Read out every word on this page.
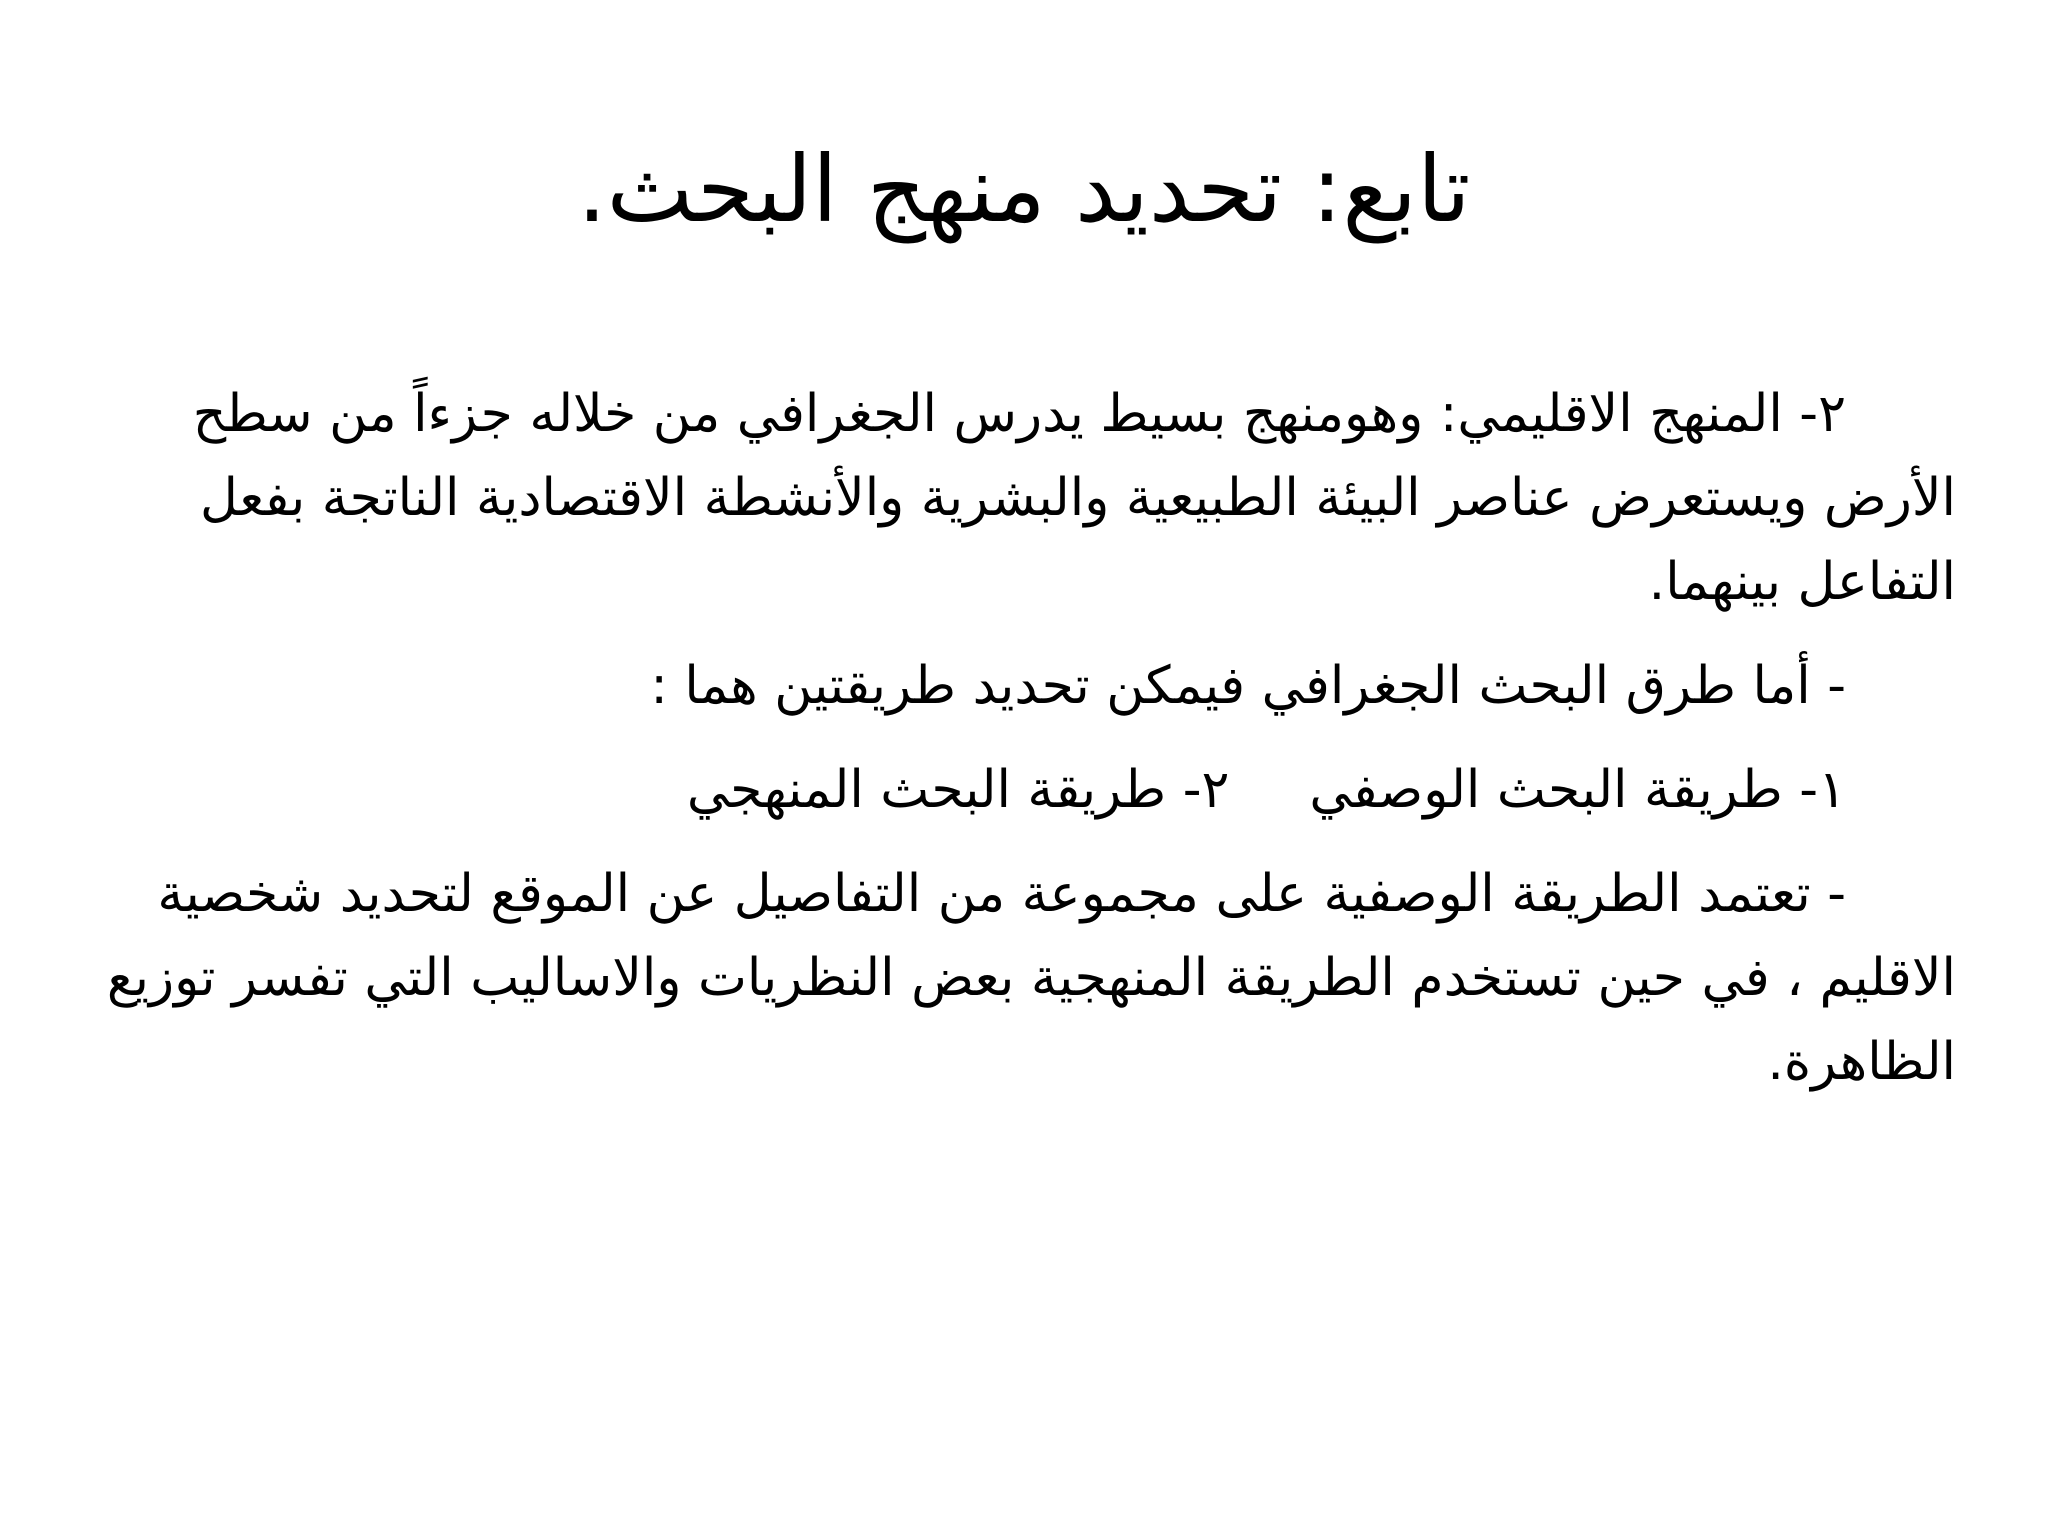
تابع: تحديد منهج البحث.

٢- المنهج الاقليمي: وهومنهج بسيط يدرس الجغرافي من خلاله جزءاً من سطح الأرض ويستعرض عناصر البيئة الطبيعية والبشرية والأنشطة الاقتصادية الناتجة بفعل التفاعل بينهما.

- أما طرق البحث الجغرافي فيمكن تحديد طريقتين هما :

١- طريقة البحث الوصفي
٢- طريقة البحث المنهجي

- تعتمد الطريقة الوصفية على مجموعة من التفاصيل عن الموقع لتحديد شخصية الاقليم ، في حين تستخدم الطريقة المنهجية بعض النظريات والاساليب التي تفسر توزيع الظاهرة.
